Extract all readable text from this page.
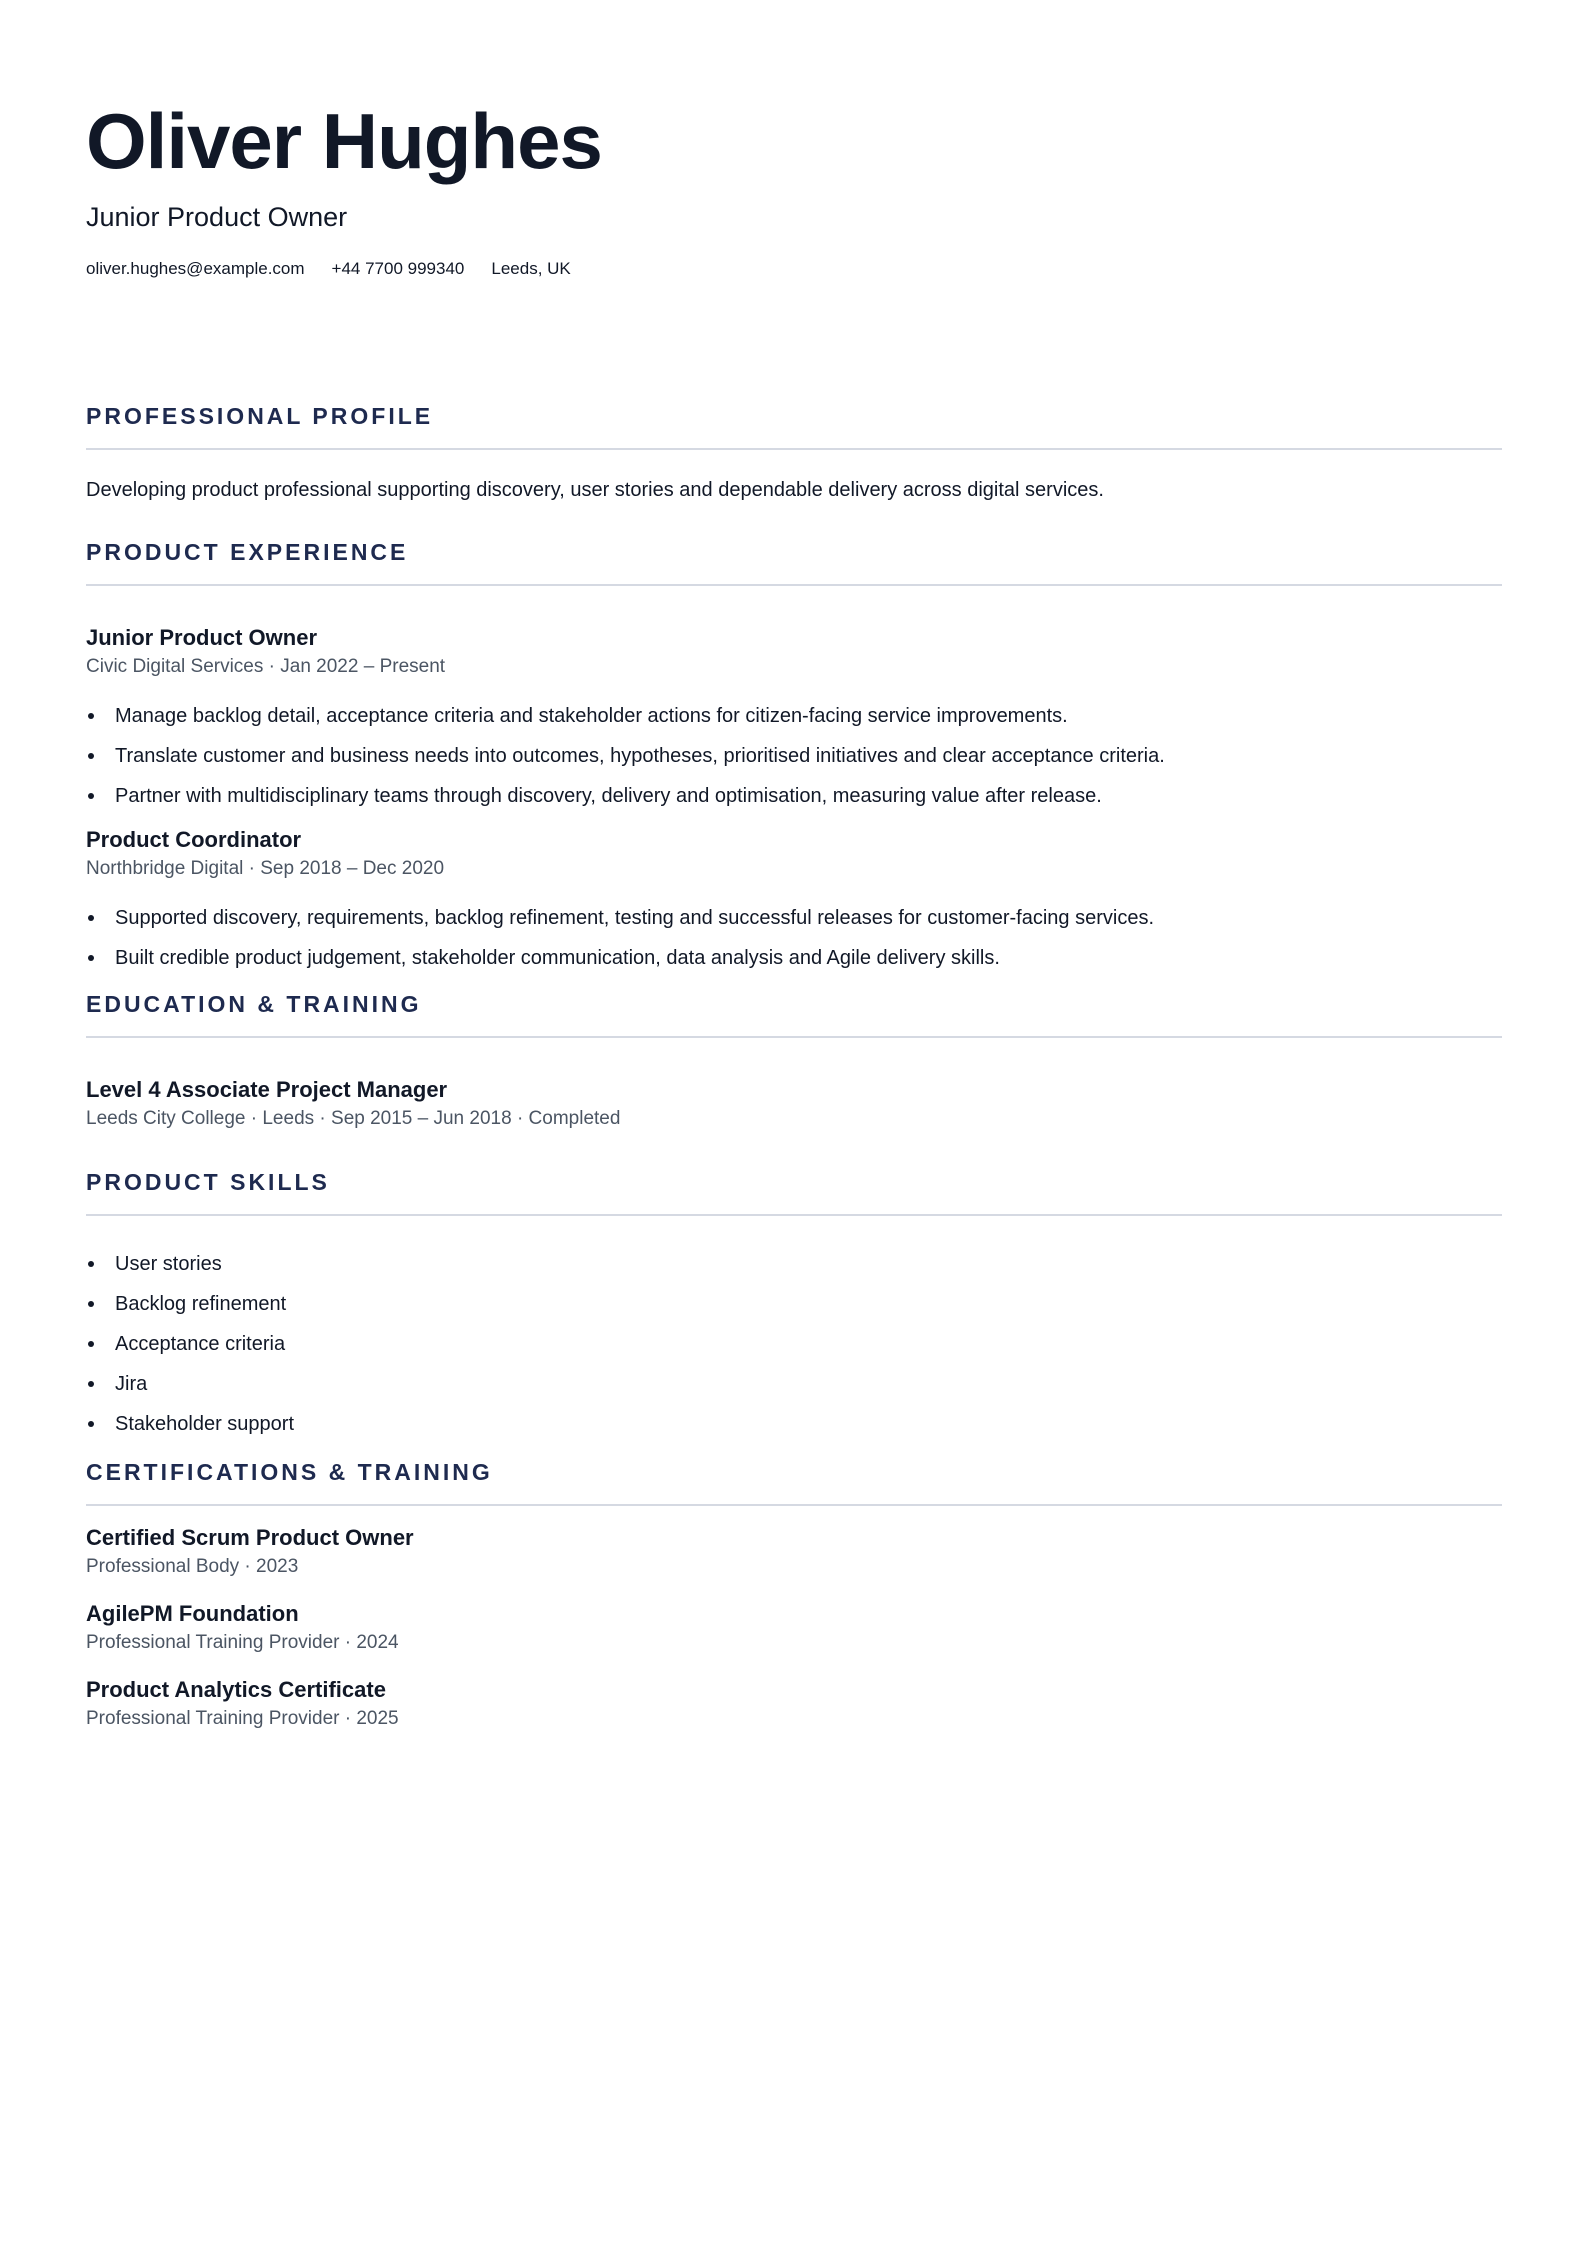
Oliver Hughes
Junior Product Owner
oliver.hughes@example.com +44 7700 999340 Leeds, UK
PROFESSIONAL PROFILE
Developing product professional supporting discovery, user stories and dependable delivery across digital services.
PRODUCT EXPERIENCE
Junior Product Owner
Civic Digital Services · Jan 2022 – Present
Manage backlog detail, acceptance criteria and stakeholder actions for citizen-facing service improvements.
Translate customer and business needs into outcomes, hypotheses, prioritised initiatives and clear acceptance criteria.
Partner with multidisciplinary teams through discovery, delivery and optimisation, measuring value after release.
Product Coordinator
Northbridge Digital · Sep 2018 – Dec 2020
Supported discovery, requirements, backlog refinement, testing and successful releases for customer-facing services.
Built credible product judgement, stakeholder communication, data analysis and Agile delivery skills.
EDUCATION & TRAINING
Level 4 Associate Project Manager
Leeds City College · Leeds · Sep 2015 – Jun 2018 · Completed
PRODUCT SKILLS
User stories
Backlog refinement
Acceptance criteria
Jira
Stakeholder support
CERTIFICATIONS & TRAINING
Certified Scrum Product Owner
Professional Body · 2023
AgilePM Foundation
Professional Training Provider · 2024
Product Analytics Certificate
Professional Training Provider · 2025
